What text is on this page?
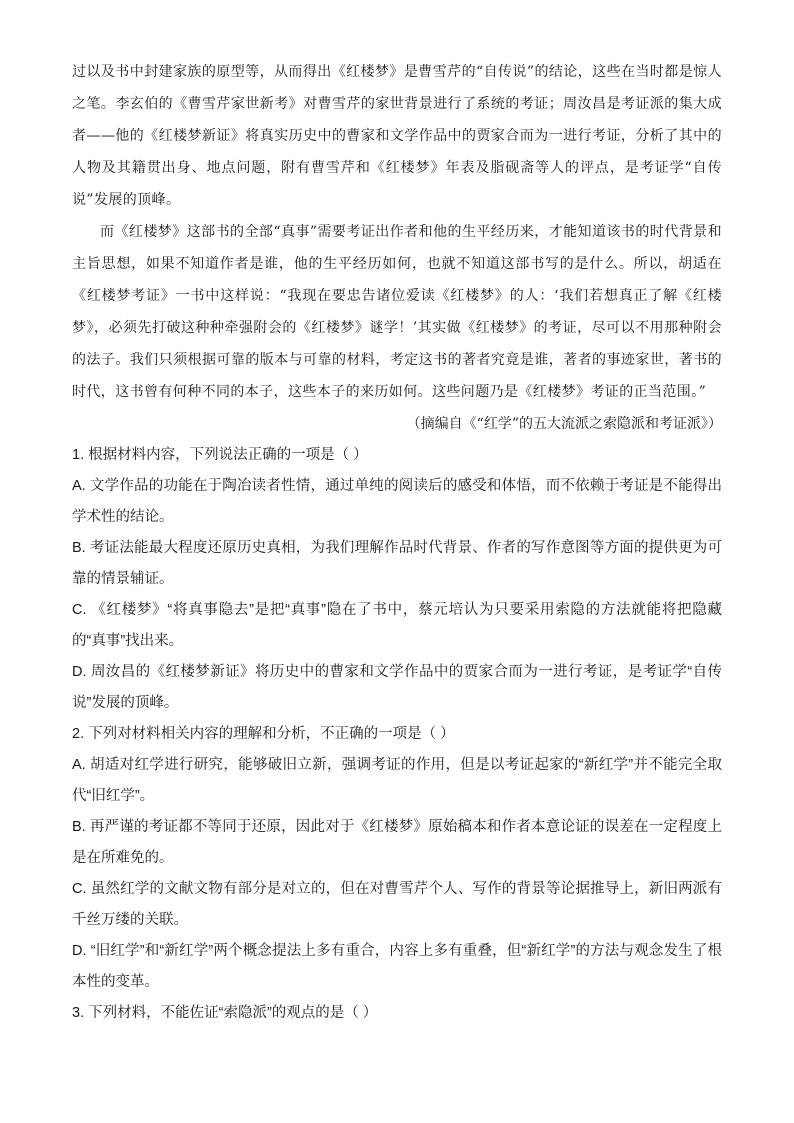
过以及书中封建家族的原型等，从而得出《红楼梦》是曹雪芹的“自传说”的结论，这些在当时都是惊人之笔。李玄伯的《曹雪芹家世新考》对曹雪芹的家世背景进行了系统的考证；周汝昌是考证派的集大成者——他的《红楼梦新证》将真实历史中的曹家和文学作品中的贾家合而为一进行考证，分析了其中的人物及其籍贯出身、地点问题，附有曹雪芹和《红楼梦》年表及脂砚斋等人的评点，是考证学“自传说”发展的顶峰。

而《红楼梦》这部书的全部“真事”需要考证出作者和他的生平经历来，才能知道该书的时代背景和主旨思想，如果不知道作者是谁，他的生平经历如何，也就不知道这部书写的是什么。所以，胡适在《红楼梦考证》一书中这样说：“我现在要忠告诸位爱读《红楼梦》的人：‘我们若想真正了解《红楼梦》，必须先打破这种种牵强附会的《红楼梦》谜学！’其实做《红楼梦》的考证，尽可以不用那种附会的法子。我们只须根据可靠的版本与可靠的材料，考定这书的著者究竟是谁，著者的事迹家世，著书的时代，这书曾有何种不同的本子，这些本子的来历如何。这些问题乃是《红楼梦》考证的正当范围。”

（摘编自《“红学”的五大流派之索隐派和考证派》）

1. 根据材料内容，下列说法正确的一项是（ ）

A. 文学作品的功能在于陶冶读者性情，通过单纯的阅读后的感受和体悟，而不依赖于考证是不能得出学术性的结论。

B. 考证法能最大程度还原历史真相，为我们理解作品时代背景、作者的写作意图等方面的提供更为可靠的情景辅证。

C. 《红楼梦》“将真事隐去”是把“真事”隐在了书中，蔡元培认为只要采用索隐的方法就能将把隐藏的“真事”找出来。

D. 周汝昌的《红楼梦新证》将历史中的曹家和文学作品中的贾家合而为一进行考证，是考证学“自传说”发展的顶峰。

2. 下列对材料相关内容的理解和分析，不正确的一项是（ ）

A. 胡适对红学进行研究，能够破旧立新，强调考证的作用，但是以考证起家的“新红学”并不能完全取代“旧红学”。

B. 再严谨的考证都不等同于还原，因此对于《红楼梦》原始稿本和作者本意论证的误差在一定程度上是在所难免的。

C. 虽然红学的文献文物有部分是对立的，但在对曹雪芹个人、写作的背景等论据推导上，新旧两派有千丝万缕的关联。

D. “旧红学”和“新红学”两个概念提法上多有重合，内容上多有重叠，但“新红学”的方法与观念发生了根本性的变革。

3. 下列材料，不能佐证“索隐派”的观点的是（ ）
